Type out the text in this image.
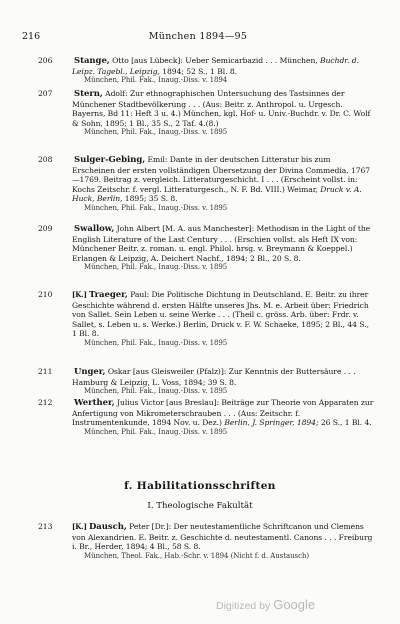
216	München 1894—95
206	Stange, Otto [aus Lübeck]: Ueber Semicarbazid . . . München, Buchdr. d. Leipz. Tagebl., Leipzig, 1894; 52 S., 1 Bl. 8.
München, Phil. Fak., Inaug.-Diss. v. 1894
207	Stern, Adolf: Zur ethnographischen Untersuchung des Tastsinnes der Münchener Stadtbevölkerung . . . (Aus: Beitr. z. Anthropol. u. Urgesch. Bayerns, Bd 11: Heft 3 u. 4.) München, kgl. Hof- u. Univ.-Buchdr. v. Dr. C. Wolf & Sohn, 1895; 1 Bl., 35 S., 2 Taf. 4.(8.)
München, Phil. Fak., Inaug.-Diss. v. 1895
208	Sulger-Gebing, Emil: Dante in der deutschen Litteratur bis zum Erscheinen der ersten vollständigen Übersetzung der Divina Commedia, 1767—1769. Beitrag z. vergleich. Litteraturgeschicht. I . . . (Erscheint vollst. in: Kochs Zeitschr. f. vergl. Litteraturgesch., N. F. Bd. VIII.) Weimar, Druck v. A. Huck, Berlin, 1895; 35 S. 8.
München, Phil. Fak., Inaug.-Diss. v. 1895
209	Swallow, John Albert [M. A. aus Manchester]: Methodism in the Light of the English Literature of the Last Century . . . (Erschien vollst. als Heft IX von: Münchener Beitr. z. roman. u. engl. Philol. hrsg. v. Breymann & Koeppel.) Erlangen & Leipzig, A. Deichert Nachf., 1894; 2 Bl., 20 S. 8.
München, Phil. Fak., Inaug.-Diss. v. 1895
210	[K.] Traeger, Paul: Die Politische Dichtung in Deutschland. E. Beitr. zu ihrer Geschichte während d. ersten Hälfte unseres Jhs. M. e. Arbeit über: Friedrich von Sallet. Sein Leben u. seine Werke . . . (Theil c. gröss. Arb. über: Frdr. v. Sallet, s. Leben u. s. Werke.) Berlin, Druck v. F. W. Schaeke, 1895; 2 Bl., 44 S., 1 Bl. 8.
München, Phil. Fak., Inaug.-Diss. v. 1895
211	Unger, Oskar [aus Gleisweiler (Pfalz)]: Zur Kenntnis der Buttersäure . . . Hamburg & Leipzig, L. Voss, 1894; 39 S. 8.
München, Phil. Fak., Inaug.-Diss. v. 1895
212	Werther, Julius Victor [aus Breslau]: Beiträge zur Theorie von Apparaten zur Anfertigung von Mikrometerschrauben . . . (Aus: Zeitschr. f. Instrumentenkunde, 1894 Nov. u. Dez.) Berlin, J. Springer, 1894; 26 S., 1 Bl. 4.
München, Phil. Fak., Inaug.-Diss. v. 1895
f. Habilitationsschriften
I. Theologische Fakultät
213	[K.] Dausch, Peter [Dr.]: Der neutestamentliche Schriftcanon und Clemens von Alexandrien. E. Beitr. z. Geschichte d. neutestamentl. Canons . . . Freiburg i. Br., Herder, 1894; 4 Bl., 58 S. 8.
München, Theol. Fak., Hab.-Schr. v. 1894 (Nicht f. d. Austausch)
Digitized by Google
